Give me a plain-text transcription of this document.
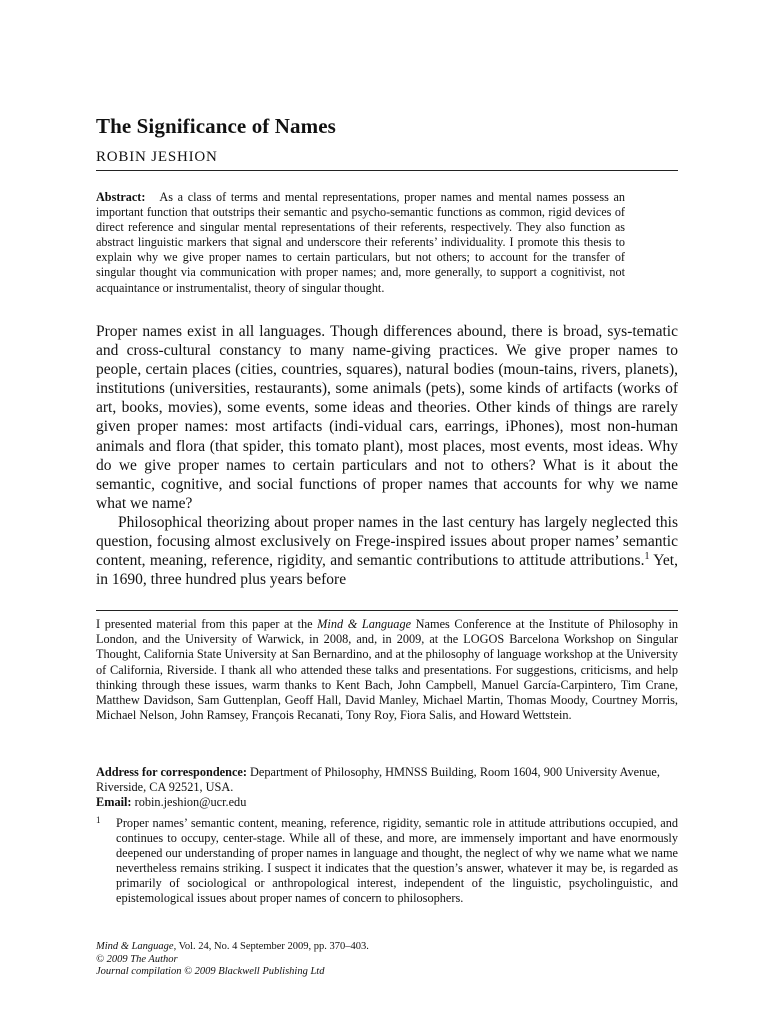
The Significance of Names
ROBIN JESHION
Abstract: As a class of terms and mental representations, proper names and mental names possess an important function that outstrips their semantic and psycho-semantic functions as common, rigid devices of direct reference and singular mental representations of their referents, respectively. They also function as abstract linguistic markers that signal and underscore their referents’ individuality. I promote this thesis to explain why we give proper names to certain particulars, but not others; to account for the transfer of singular thought via communication with proper names; and, more generally, to support a cognitivist, not acquaintance or instrumentalist, theory of singular thought.

Proper names exist in all languages. Though differences abound, there is broad, sys-tematic and cross-cultural constancy to many name-giving practices. We give proper names to people, certain places (cities, countries, squares), natural bodies (moun-tains, rivers, planets), institutions (universities, restaurants), some animals (pets), some kinds of artifacts (works of art, books, movies), some events, some ideas and theories. Other kinds of things are rarely given proper names: most artifacts (indi-vidual cars, earrings, iPhones), most non-human animals and flora (that spider, this tomato plant), most places, most events, most ideas. Why do we give proper names to certain particulars and not to others? What is it about the semantic, cognitive, and social functions of proper names that accounts for why we name what we name?

Philosophical theorizing about proper names in the last century has largely neglected this question, focusing almost exclusively on Frege-inspired issues about proper names’ semantic content, meaning, reference, rigidity, and semantic contributions to attitude attributions.$^1$ Yet, in 1690, three hundred plus years before

I presented material from this paper at the Mind & Language Names Conference at the Institute of Philosophy in London, and the University of Warwick, in 2008, and, in 2009, at the LOGOS Barcelona Workshop on Singular Thought, California State University at San Bernardino, and at the philosophy of language workshop at the University of California, Riverside. I thank all who attended these talks and presentations. For suggestions, criticisms, and help thinking through these issues, warm thanks to Kent Bach, John Campbell, Manuel García-Carpintero, Tim Crane, Matthew Davidson, Sam Guttenplan, Geoff Hall, David Manley, Michael Martin, Thomas Moody, Courtney Morris, Michael Nelson, John Ramsey, François Recanati, Tony Roy, Fiora Salis, and Howard Wettstein.
Address for correspondence: Department of Philosophy, HMNSS Building, Room 1604, 900 University Avenue, Riverside, CA 92521, USA.
Email: robin.jeshion@ucr.edu
1 Proper names’ semantic content, meaning, reference, rigidity, semantic role in attitude attributions occupied, and continues to occupy, center-stage. While all of these, and more, are immensely important and have enormously deepened our understanding of proper names in language and thought, the neglect of why we name what we name nevertheless remains striking. I suspect it indicates that the question’s answer, whatever it may be, is regarded as primarily of sociological or anthropological interest, independent of the linguistic, psycholinguistic, and epistemological issues about proper names of concern to philosophers.
Mind & Language, Vol. 24, No. 4 September 2009, pp. 370–403.
© 2009 The Author
Journal compilation © 2009 Blackwell Publishing Ltd
